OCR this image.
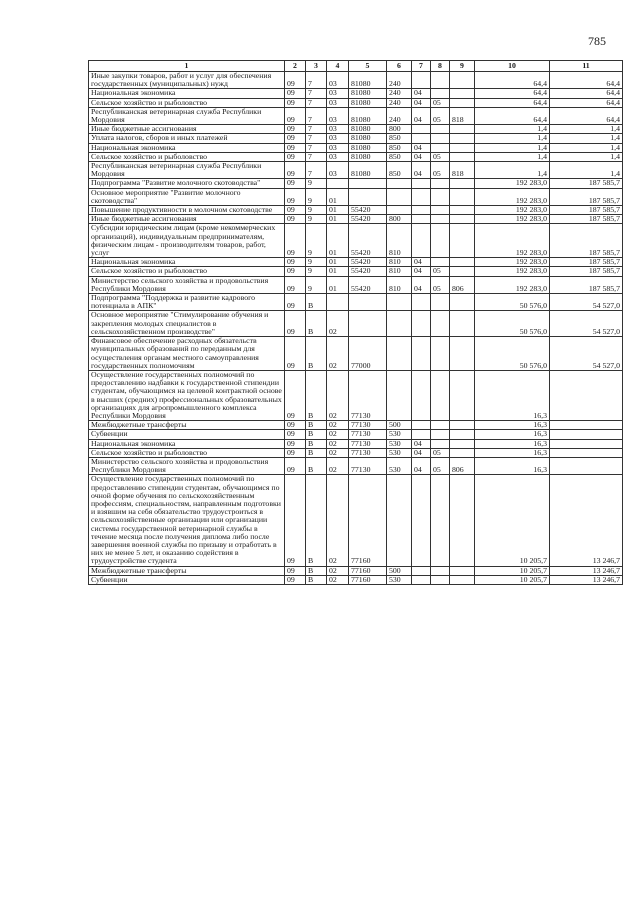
785
1	2	3	4	5	6	7	8	9	10	11
Иные закупки товаров, работ и услуг для обеспечения государственных (муниципальных) нужд	09	7	03	81080	240				64,4	64,4
Национальная экономика	09	7	03	81080	240	04			64,4	64,4
Сельское хозяйство и рыболовство	09	7	03	81080	240	04	05		64,4	64,4
Республиканская ветеринарная служба Республики Мордовия	09	7	03	81080	240	04	05	818	64,4	64,4
Иные бюджетные ассигнования	09	7	03	81080	800				1,4	1,4
Уплата налогов, сборов и иных платежей	09	7	03	81080	850				1,4	1,4
Национальная экономика	09	7	03	81080	850	04			1,4	1,4
Сельское хозяйство и рыболовство	09	7	03	81080	850	04	05		1,4	1,4
Республиканская ветеринарная служба Республики Мордовия	09	7	03	81080	850	04	05	818	1,4	1,4
Подпрограмма "Развитие молочного скотоводства"	09	9							192 283,0	187 585,7
Основное мероприятие "Развитие молочного скотоводства"	09	9	01						192 283,0	187 585,7
Повышение продуктивности в молочном скотоводстве	09	9	01	55420					192 283,0	187 585,7
Иные бюджетные ассигнования	09	9	01	55420	800				192 283,0	187 585,7
Субсидии юридическим лицам (кроме некоммерческих организаций), индивидуальным предпринимателям, физическим лицам - производителям товаров, работ, услуг	09	9	01	55420	810				192 283,0	187 585,7
Национальная экономика	09	9	01	55420	810	04			192 283,0	187 585,7
Сельское хозяйство и рыболовство	09	9	01	55420	810	04	05		192 283,0	187 585,7
Министерство сельского хозяйства и продовольствия Республики Мордовия	09	9	01	55420	810	04	05	806	192 283,0	187 585,7
Подпрограмма "Поддержка и развитие кадрового потенциала в АПК"	09	В							50 576,0	54 527,0
Основное мероприятие "Стимулирование обучения и закрепления молодых специалистов в сельскохозяйственном производстве"	09	В	02						50 576,0	54 527,0
Финансовое обеспечение расходных обязательств муниципальных образований по переданным для осуществления органам местного самоуправления государственных полномочиям	09	В	02	77000					50 576,0	54 527,0
Осуществление государственных полномочий по предоставлению надбавки к государственной стипендии студентам, обучающимся на целевой контрактной основе в высших (средних) профессиональных образовательных организациях для агропромышленного комплекса Республики Мордовия	09	В	02	77130					16,3	
Межбюджетные трансферты	09	В	02	77130	500				16,3	
Субвенции	09	В	02	77130	530				16,3	
Национальная экономика	09	В	02	77130	530	04			16,3	
Сельское хозяйство и рыболовство	09	В	02	77130	530	04	05		16,3	
Министерство сельского хозяйства и продовольствия Республики Мордовия	09	В	02	77130	530	04	05	806	16,3	
Осуществление государственных полномочий по предоставлению стипендии студентам, обучающимся по очной форме обучения по сельскохозяйственным профессиям, специальностям, направленным подготовки и взявшим на себя обязательство трудоустроиться в сельскохозяйственные организации или организации системы государственной ветеринарной службы в течение месяца после получения диплома либо после завершения военной службы по призыву и отработать в них не менее 5 лет, и оказанию содействия в трудоустройстве студента	09	В	02	77160					10 205,7	13 246,7
Межбюджетные трансферты	09	В	02	77160	500				10 205,7	13 246,7
Субвенции	09	В	02	77160	530				10 205,7	13 246,7
